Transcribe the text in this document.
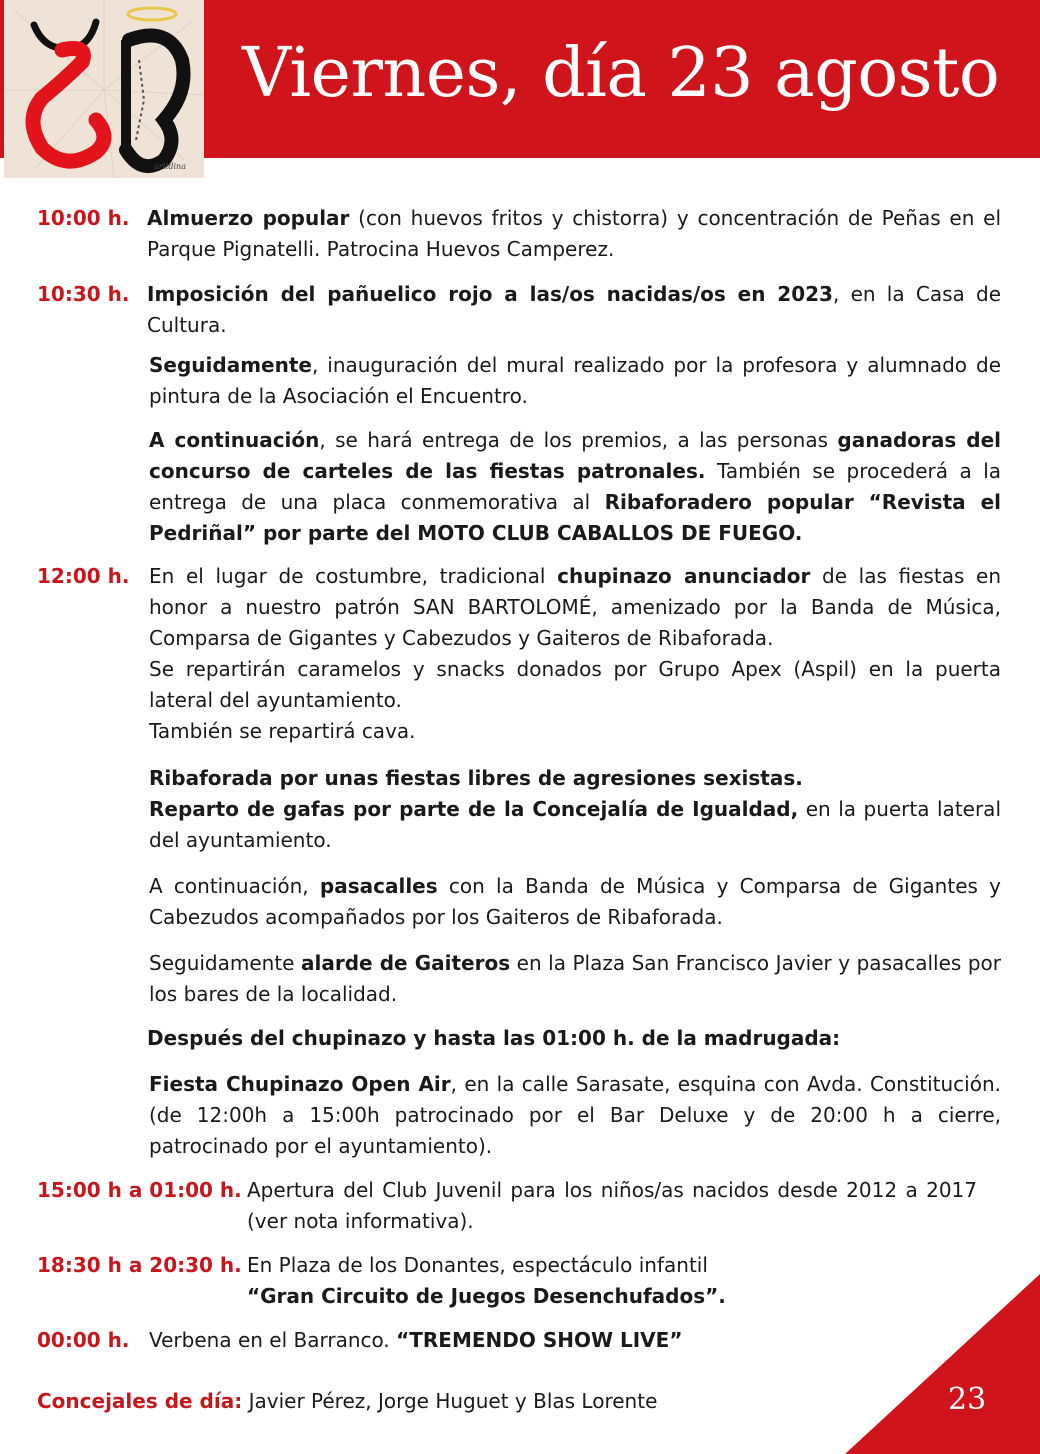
Viernes, día 23 agosto
artidina
10:00 h. Almuerzo popular (con huevos fritos y chistorra) y concentración de Peñas en el Parque Pignatelli. Patrocina Huevos Camperez.
10:30 h. Imposición del pañuelico rojo a las/os nacidas/os en 2023, en la Casa de Cultura.
Seguidamente, inauguración del mural realizado por la profesora y alumnado de pintura de la Asociación el Encuentro.
A continuación, se hará entrega de los premios, a las personas ganadoras del concurso de carteles de las fiestas patronales. También se procederá a la entrega de una placa conmemorativa al Ribaforadero popular “Revista el Pedriñal” por parte del MOTO CLUB CABALLOS DE FUEGO.
12:00 h. En el lugar de costumbre, tradicional chupinazo anunciador de las fiestas en honor a nuestro patrón SAN BARTOLOMÉ, amenizado por la Banda de Música, Comparsa de Gigantes y Cabezudos y Gaiteros de Ribaforada.
Se repartirán caramelos y snacks donados por Grupo Apex (Aspil) en la puerta lateral del ayuntamiento.
También se repartirá cava.
Ribaforada por unas fiestas libres de agresiones sexistas.
Reparto de gafas por parte de la Concejalía de Igualdad, en la puerta lateral del ayuntamiento.
A continuación, pasacalles con la Banda de Música y Comparsa de Gigantes y Cabezudos acompañados por los Gaiteros de Ribaforada.
Seguidamente alarde de Gaiteros en la Plaza San Francisco Javier y pasacalles por los bares de la localidad.
Después del chupinazo y hasta las 01:00 h. de la madrugada:
Fiesta Chupinazo Open Air, en la calle Sarasate, esquina con Avda. Constitución. (de 12:00h a 15:00h patrocinado por el Bar Deluxe y de 20:00 h a cierre, patrocinado por el ayuntamiento).
15:00 h a 01:00 h. Apertura del Club Juvenil para los niños/as nacidos desde 2012 a 2017 (ver nota informativa).
18:30 h a 20:30 h. En Plaza de los Donantes, espectáculo infantil
“Gran Circuito de Juegos Desenchufados”.
00:00 h. Verbena en el Barranco. “TREMENDO SHOW LIVE”
Concejales de día: Javier Pérez, Jorge Huguet y Blas Lorente	23
